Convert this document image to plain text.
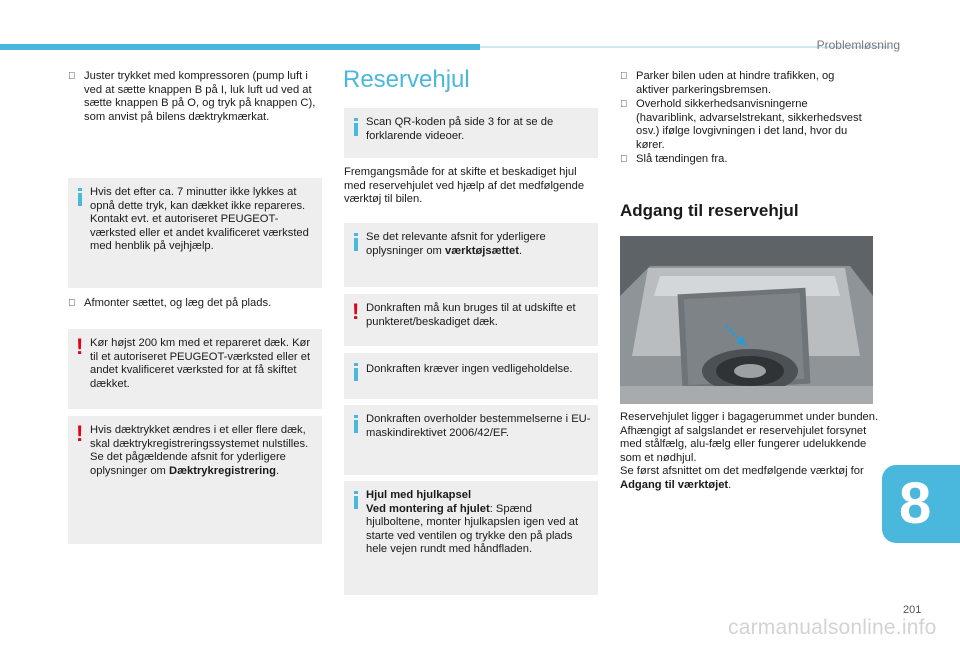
Problemløsning
Juster trykket med kompressoren (pump luft i ved at sætte knappen B på I, luk luft ud ved at sætte knappen B på O, og tryk på knappen C), som anvist på bilens dæktrykmærkat.
Hvis det efter ca. 7 minutter ikke lykkes at opnå dette tryk, kan dækket ikke repareres. Kontakt evt. et autoriseret PEUGEOT-værksted eller et andet kvalificeret værksted med henblik på vejhjælp.
Afmonter sættet, og læg det på plads.
! Kør højst 200 km med et repareret dæk. Kør til et autoriseret PEUGEOT-værksted eller et andet kvalificeret værksted for at få skiftet dækket.
! Hvis dæktrykket ændres i et eller flere dæk, skal dæktrykregistreringssystemet nulstilles.
Se det pågældende afsnit for yderligere oplysninger om Dæktrykregistrering.
Reservehjul
Scan QR-koden på side 3 for at se de forklarende videoer.
Fremgangsmåde for at skifte et beskadiget hjul med reservehjulet ved hjælp af det medfølgende værktøj til bilen.
Se det relevante afsnit for yderligere oplysninger om værktøjsættet.
! Donkraften må kun bruges til at udskifte et punkteret/beskadiget dæk.
Donkraften kræver ingen vedligeholdelse.
Donkraften overholder bestemmelserne i EU-maskindirektivet 2006/42/EF.
Hjul med hjulkapsel
Ved montering af hjulet: Spænd hjulboltene, monter hjulkapslen igen ved at starte ved ventilen og trykke den på plads hele vejen rundt med håndfladen.
Parker bilen uden at hindre trafikken, og aktiver parkeringsbremsen.
Overhold sikkerhedsanvisningerne (havariblink, advarselstrekant, sikkerhedsvest osv.) ifølge lovgivningen i det land, hvor du kører.
Slå tændingen fra.
Adgang til reservehjul
Reservehjulet ligger i bagagerummet under bunden.
Afhængigt af salgslandet er reservehjulet forsynet med stålfælg, alu-fælg eller fungerer udelukkende som et nødhjul.
Se først afsnittet om det medfølgende værktøj for Adgang til værktøjet.	8
201
carmanualsonline.info
